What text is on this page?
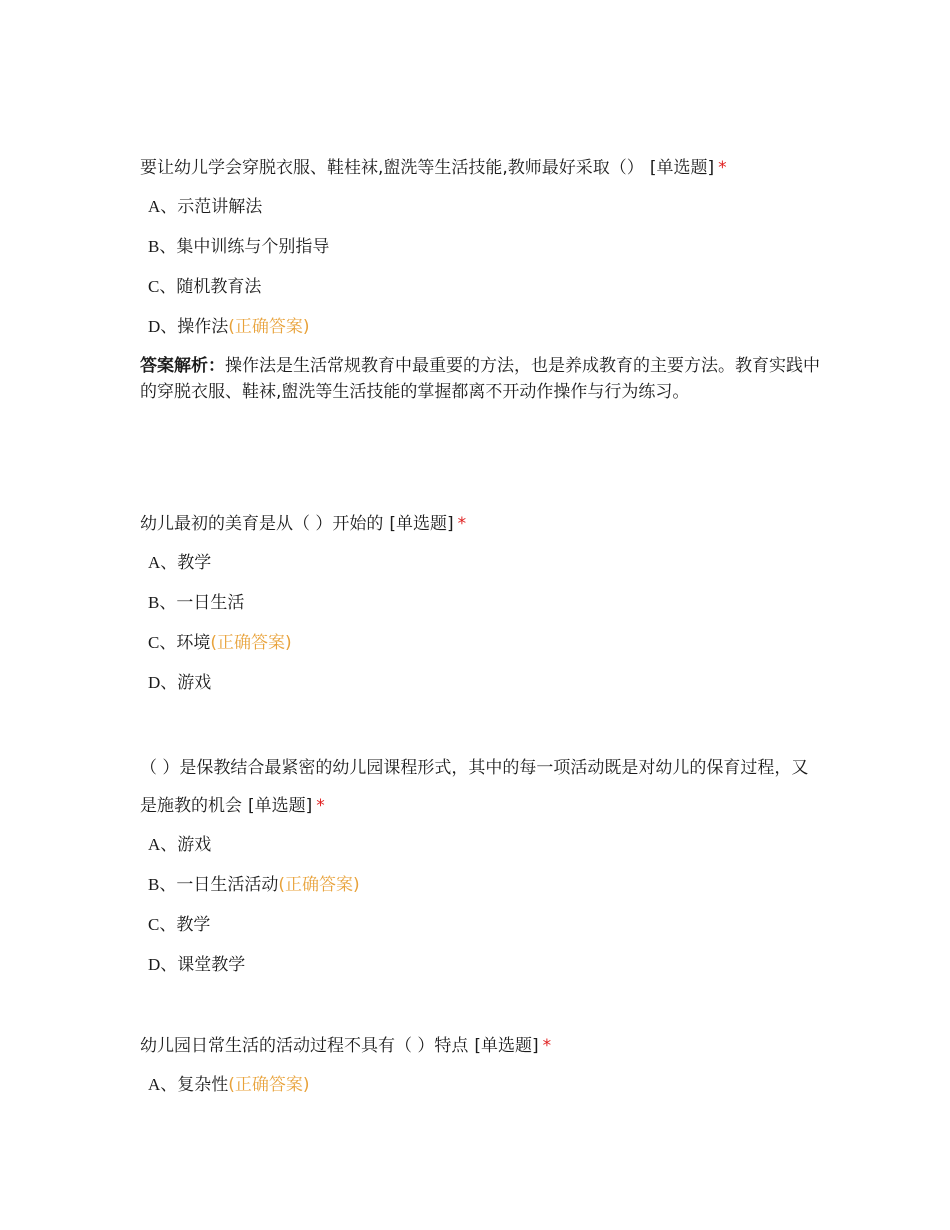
要让幼儿学会穿脱衣服、鞋桂袜,盥洗等生活技能,教师最好采取（） [单选题] *

A、示范讲解法
B、集中训练与个别指导
C、随机教育法
D、操作法(正确答案)
答案解析：操作法是生活常规教育中最重要的方法，也是养成教育的主要方法。教育实践中的穿脱衣服、鞋袜,盥洗等生活技能的掌握都离不开动作操作与行为练习。

幼儿最初的美育是从（ ）开始的 [单选题] *

A、教学
B、一日生活
C、环境(正确答案)
D、游戏

（ ）是保教结合最紧密的幼儿园课程形式，其中的每一项活动既是对幼儿的保育过程，又是施教的机会 [单选题] *

A、游戏
B、一日生活活动(正确答案)
C、教学
D、课堂教学

幼儿园日常生活的活动过程不具有（ ）特点 [单选题] *

A、复杂性(正确答案)
